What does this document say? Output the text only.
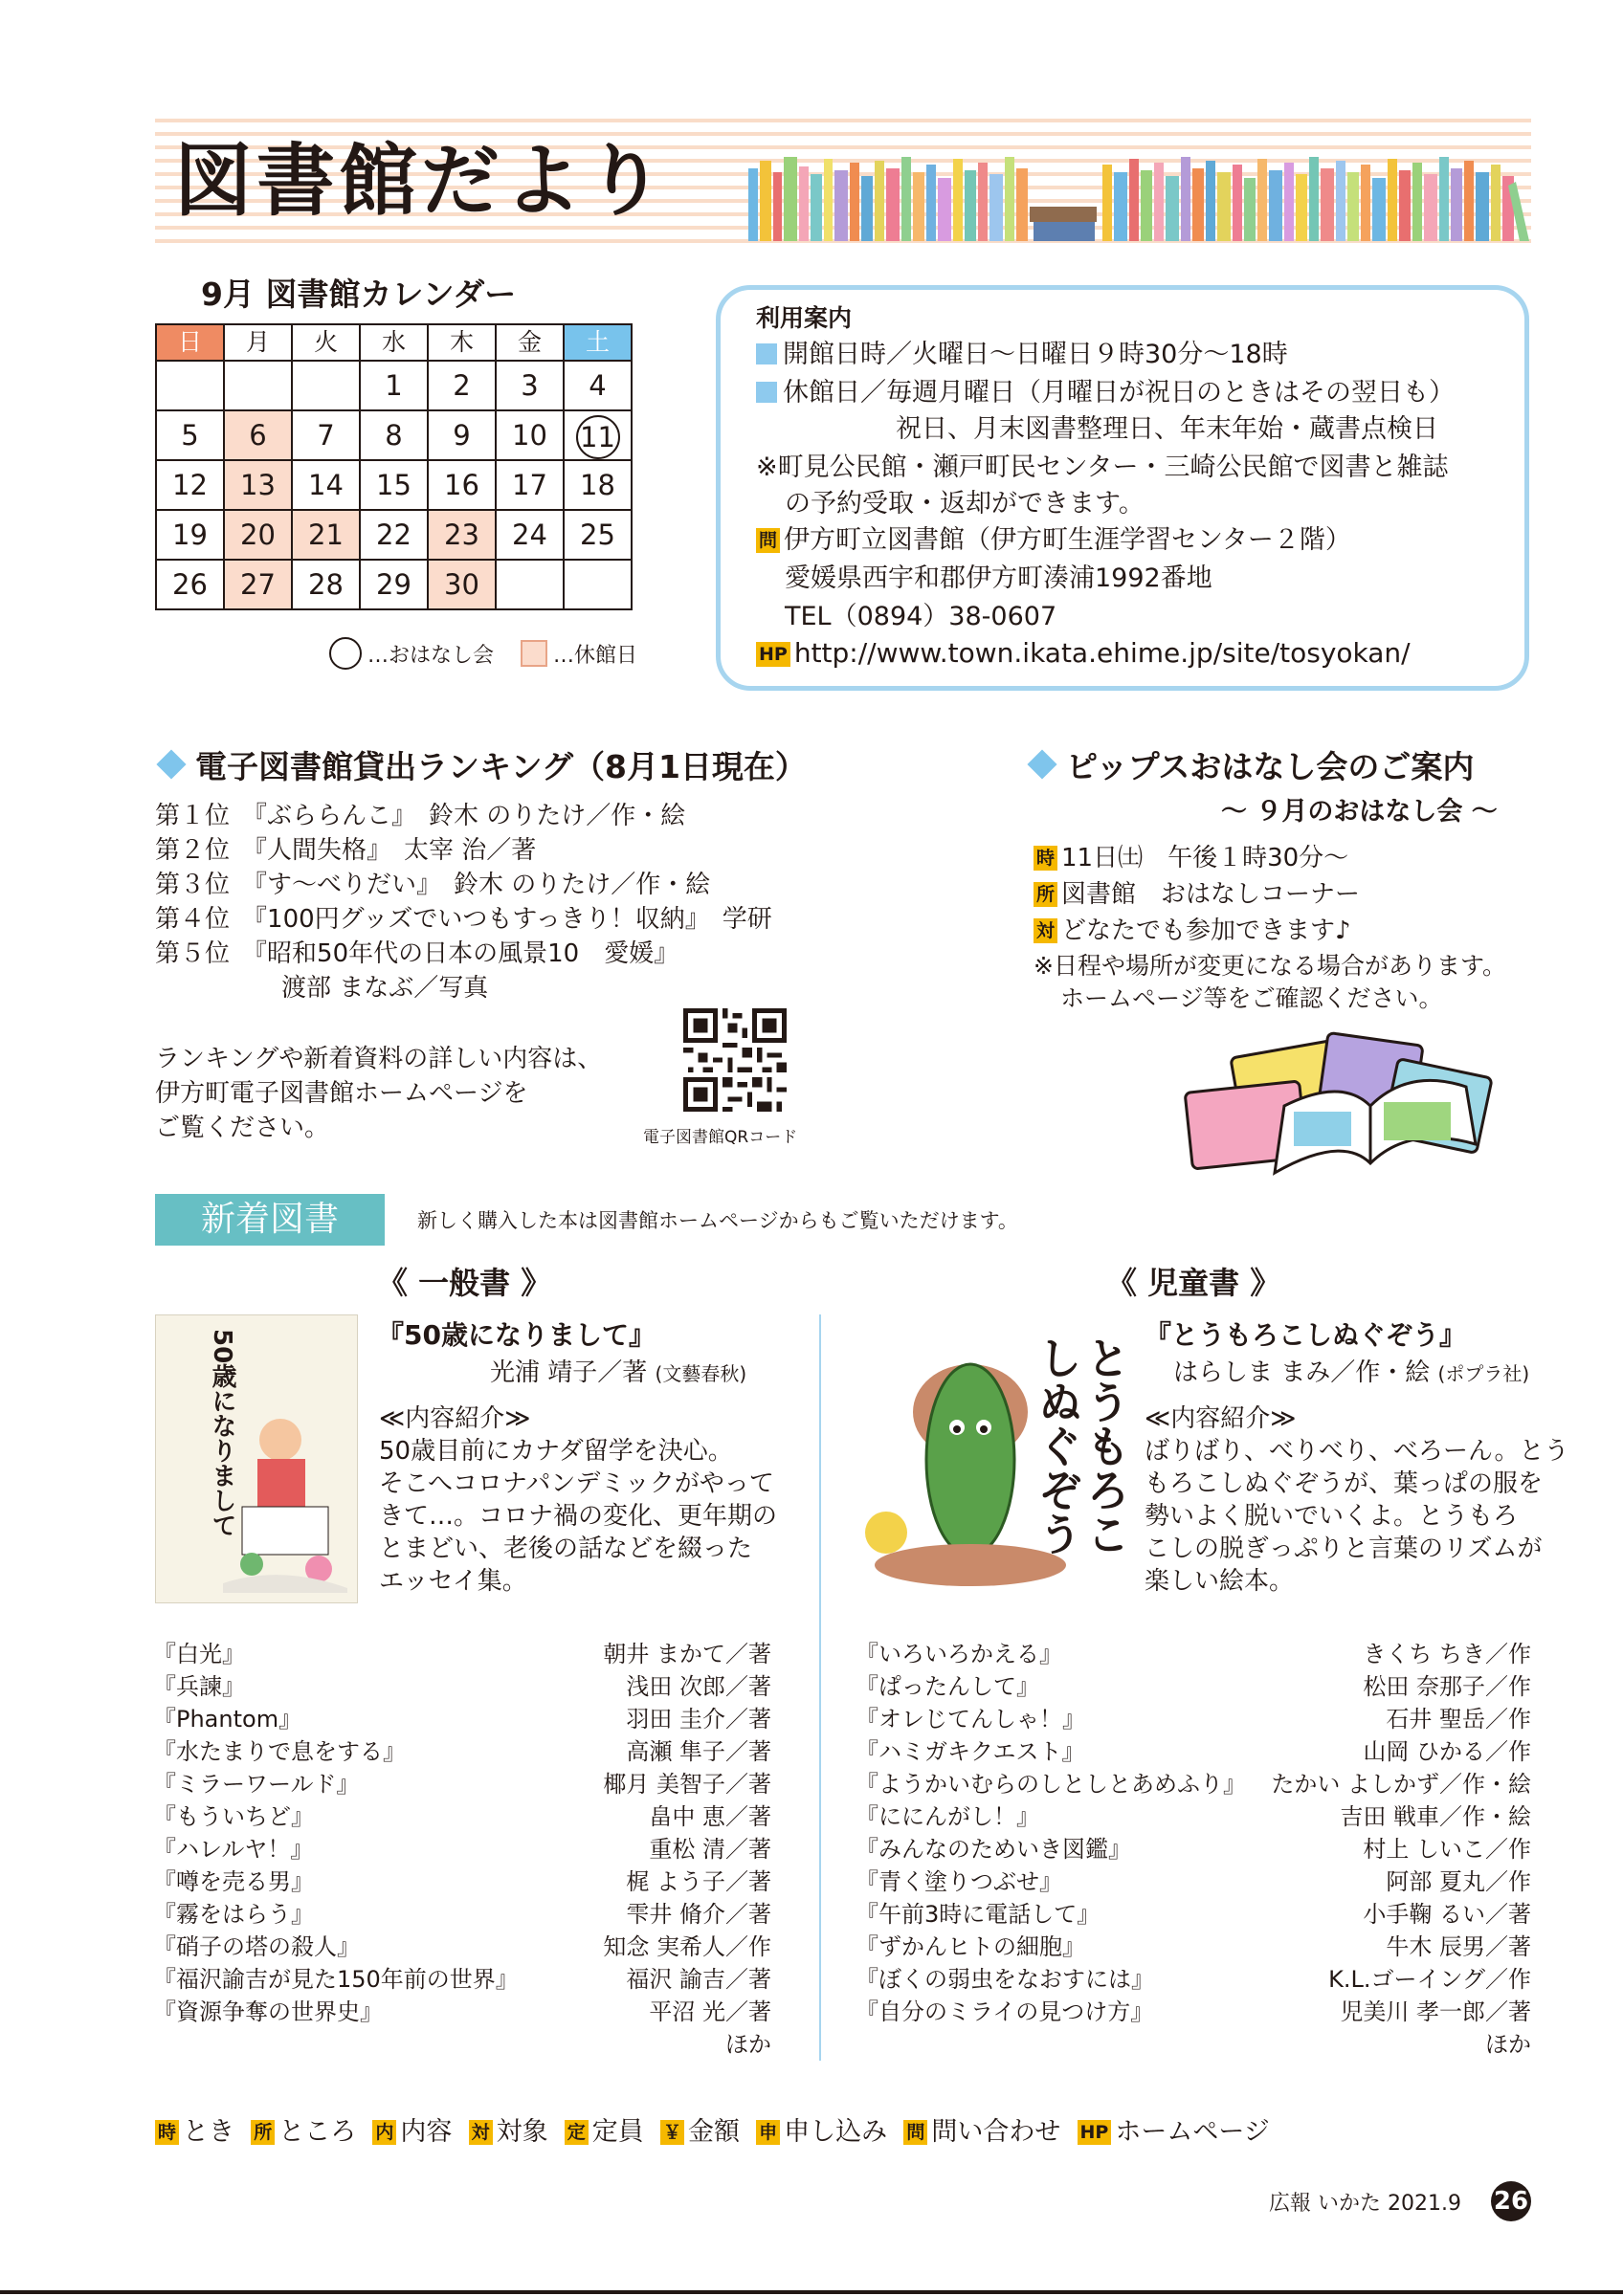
図書館だより
9月 図書館カレンダー
日	月	火	水	木	金	土
			1	2	3	4
5	6	7	8	9	10	11
12	13	14	15	16	17	18
19	20	21	22	23	24	25
26	27	28	29	30		
…おはなし会	…休館日
利用案内
開館日時／火曜日～日曜日９時30分～18時
休館日／毎週月曜日（月曜日が祝日のときはその翌日も）
祝日、月末図書整理日、年末年始・蔵書点検日
※町見公民館・瀬戸町民センター・三崎公民館で図書と雑誌
の予約受取・返却ができます。
問 伊方町立図書館（伊方町生涯学習センター２階）
愛媛県西宇和郡伊方町湊浦1992番地
TEL（0894）38-0607
HP http://www.town.ikata.ehime.jp/site/tosyokan/
電子図書館貸出ランキング（8月1日現在）
第１位　 『ぶららんこ』　鈴木 のりたけ／作・絵
第２位　 『人間失格』　太宰 治／著
第３位　 『す～べりだい』　鈴木 のりたけ／作・絵
第４位　 『100円グッズでいつもすっきり！収納』　学研
第５位　 『昭和50年代の日本の風景10　愛媛』
渡部 まなぶ／写真
ランキングや新着資料の詳しい内容は、
伊方町電子図書館ホームページを
ご覧ください。	電子図書館QRコード
ピップスおはなし会のご案内
～ ９月のおはなし会 ～
時 11日㈯　午後１時30分～
所 図書館　おはなしコーナー
対 どなたでも参加できます♪
※日程や場所が変更になる場合があります。
ホームページ等をご確認ください。
新着図書	新しく購入した本は図書館ホームページからもご覧いただけます。
《 一般書 》
50歳になりまして	『50歳になりまして』
光浦 靖子／著 (文藝春秋)
≪内容紹介≫
50歳目前にカナダ留学を決心。
そこへコロナパンデミックがやって
きて…。コロナ禍の変化、更年期の
とまどい、老後の話などを綴った
エッセイ集。
『白光』	朝井 まかて／著
『兵諫』	浅田 次郎／著
『Phantom』	羽田 圭介／著
『水たまりで息をする』	高瀬 隼子／著
『ミラーワールド』	椰月 美智子／著
『もういちど』	畠中 恵／著
『ハレルヤ！』	重松 清／著
『噂を売る男』	梶 よう子／著
『霧をはらう』	雫井 脩介／著
『硝子の塔の殺人』	知念 実希人／作
『福沢諭吉が見た150年前の世界』	福沢 諭吉／著
『資源争奪の世界史』	平沼 光／著
ほか
《 児童書 》
とうもろこしぬぐぞう
『とうもろこしぬぐぞう』
はらしま まみ／作・絵 (ポプラ社)
≪内容紹介≫
ばりばり、べりべり、べろーん。とう
もろこしぬぐぞうが、葉っぱの服を
勢いよく脱いでいくよ。とうもろ
こしの脱ぎっぷりと言葉のリズムが
楽しい絵本。
『いろいろかえる』	きくち ちき／作
『ぱったんして』	松田 奈那子／作
『オレじてんしゃ！』	石井 聖岳／作
『ハミガキクエスト』	山岡 ひかる／作
『ようかいむらのしとしとあめふり』 たかい よしかず／作・絵
『ににんがし！』	吉田 戦車／作・絵
『みんなのためいき図鑑』	村上 しいこ／作
『青く塗りつぶせ』	阿部 夏丸／作
『午前3時に電話して』	小手鞠 るい／著
『ずかんヒトの細胞』	牛木 辰男／著
『ぼくの弱虫をなおすには』	K.L.ゴーイング／作
『自分のミライの見つけ方』	児美川 孝一郎／著
ほか
時 とき 所 ところ 内 内容 対 対象 定 定員 ￥ 金額 申 申し込み 問 問い合わせ HP ホームページ
広報 いかた 2021.9 26
